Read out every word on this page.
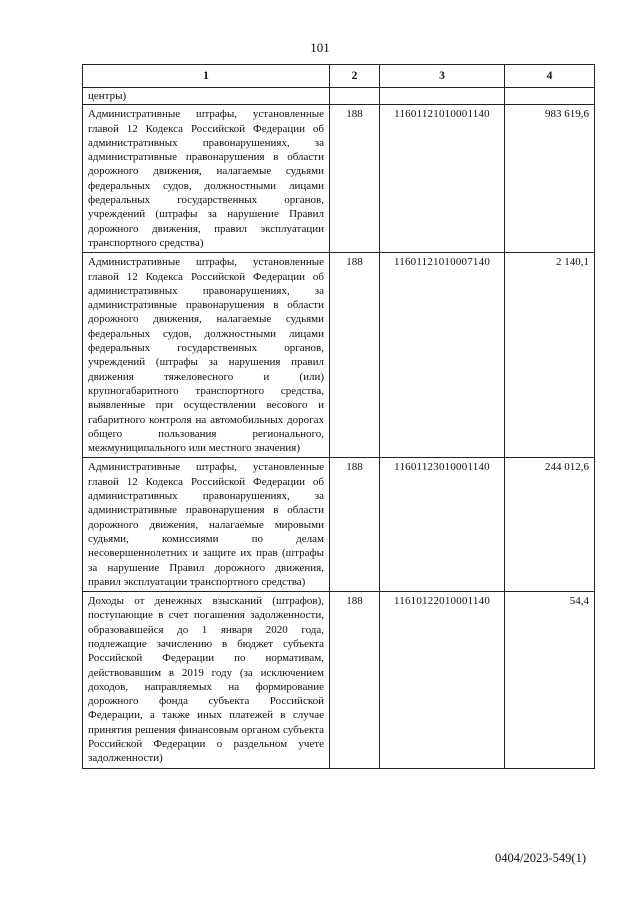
101
1	2	3	4
центры)			
Административные штрафы, установленные главой 12 Кодекса Российской Федерации об административных правонарушениях, за административные правонарушения в области дорожного движения, налагаемые судьями федеральных судов, должностными лицами федеральных государственных органов, учреждений (штрафы за нарушение Правил дорожного движения, правил эксплуатации транспортного средства)	188	11601121010001140	983 619,6
Административные штрафы, установленные главой 12 Кодекса Российской Федерации об административных правонарушениях, за административные правонарушения в области дорожного движения, налагаемые судьями федеральных судов, должностными лицами федеральных государственных органов, учреждений (штрафы за нарушения правил движения тяжеловесного и (или) крупногабаритного транспортного средства, выявленные при осуществлении весового и габаритного контроля на автомобильных дорогах общего пользования регионального, межмуниципального или местного значения)	188	11601121010007140	2 140,1
Административные штрафы, установленные главой 12 Кодекса Российской Федерации об административных правонарушениях, за административные правонарушения в области дорожного движения, налагаемые мировыми судьями, комиссиями по делам несовершеннолетних и защите их прав (штрафы за нарушение Правил дорожного движения, правил эксплуатации транспортного средства)	188	11601123010001140	244 012,6
Доходы от денежных взысканий (штрафов), поступающие в счет погашения задолженности, образовавшейся до 1 января 2020 года, подлежащие зачислению в бюджет субъекта Российской Федерации по нормативам, действовавшим в 2019 году (за исключением доходов, направляемых на формирование дорожного фонда субъекта Российской Федерации, а также иных платежей в случае принятия решения финансовым органом субъекта Российской Федерации о раздельном учете задолженности)	188	11610122010001140	54,4
0404/2023-549(1)
